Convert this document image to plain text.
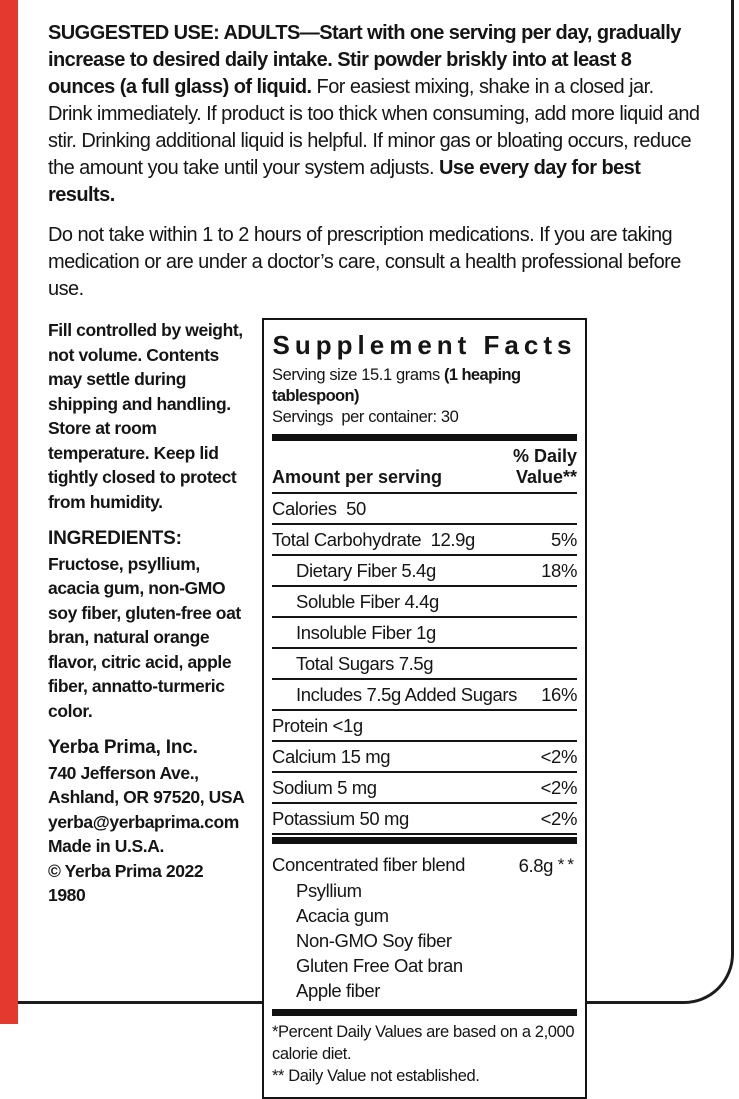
SUGGESTED USE: ADULTS—Start with one serving per day, gradually increase to desired daily intake. Stir powder briskly into at least 8 ounces (a full glass) of liquid. For easiest mixing, shake in a closed jar. Drink immediately. If product is too thick when consuming, add more liquid and stir. Drinking additional liquid is helpful. If minor gas or bloating occurs, reduce the amount you take until your system adjusts. Use every day for best results.

Do not take within 1 to 2 hours of prescription medications. If you are taking medication or are under a doctor’s care, consult a health professional before use.

Fill controlled by weight, not volume. Contents may settle during shipping and handling. Store at room temperature. Keep lid tightly closed to protect from humidity.

INGREDIENTS:

Fructose, psyllium, acacia gum, non-GMO soy fiber, gluten-free oat bran, natural orange flavor, citric acid, apple fiber, annatto-turmeric color.

Yerba Prima, Inc.

740 Jefferson Ave.,

Ashland, OR 97520, USA

yerba@yerbaprima.com

Made in U.S.A.

© Yerba Prima 2022

1980

Supplement Facts
Serving size 15.1 grams (1 heaping tablespoon)
Servings  per container: 30
Amount per serving
% Daily
Value**
Calories  50
Total Carbohydrate  12.9g	5%
Dietary Fiber 5.4g	18%
Soluble Fiber 4.4g
Insoluble Fiber 1g
Total Sugars 7.5g
Includes 7.5g Added Sugars 16%
Protein <1g
Calcium 15 mg	<2%
Sodium 5 mg	<2%
Potassium 50 mg	<2%
Concentrated fiber blend	6.8g **
Psyllium
Acacia gum
Non-GMO Soy fiber
Gluten Free Oat bran
Apple fiber
*Percent Daily Values are based on a 2,000 calorie diet.
** Daily Value not established.
